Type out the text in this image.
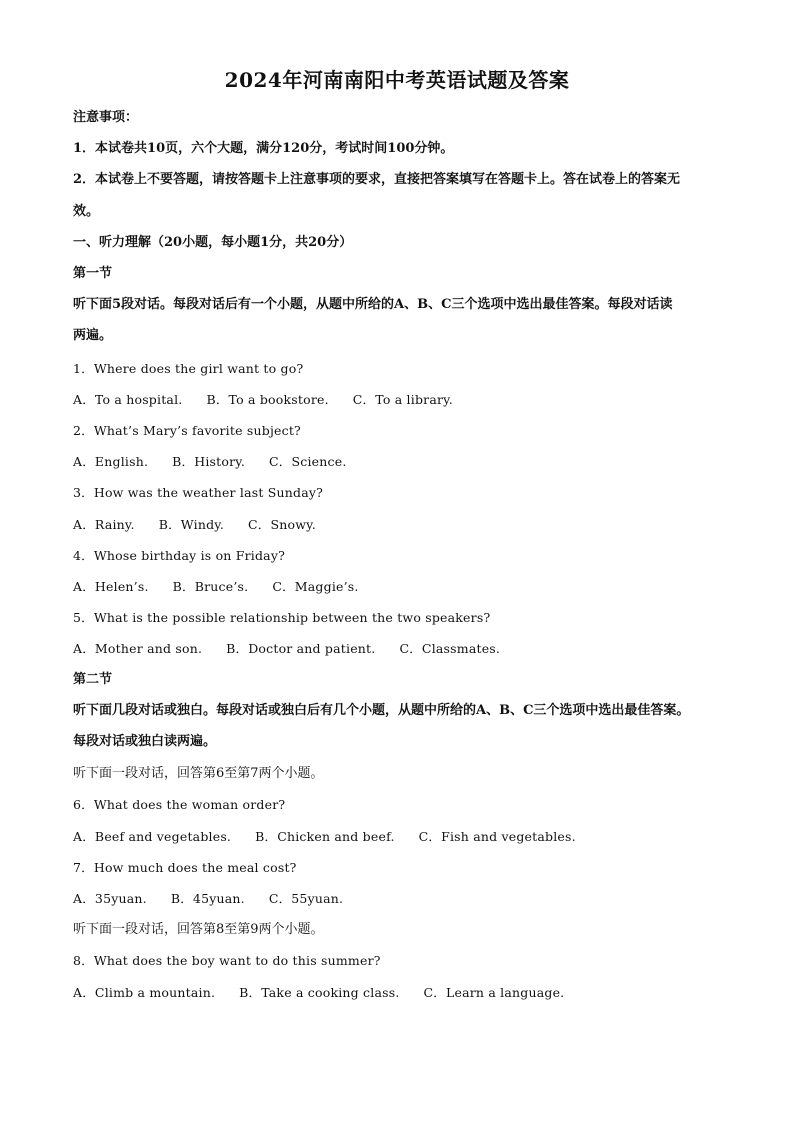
2024年河南南阳中考英语试题及答案
注意事项：
1．本试卷共10页，六个大题，满分120分，考试时间100分钟。
2．本试卷上不要答题，请按答题卡上注意事项的要求，直接把答案填写在答题卡上。答在试卷上的答案无
效。
一、听力理解（20小题，每小题1分，共20分）
第一节
听下面5段对话。每段对话后有一个小题，从题中所给的A、B、C三个选项中选出最佳答案。每段对话读
两遍。
1．Where does the girl want to go?
A．To a hospital. B．To a bookstore. C．To a library.
2．What’s Mary’s favorite subject?
A．English. B．History. C．Science.
3．How was the weather last Sunday?
A．Rainy. B．Windy. C．Snowy.
4．Whose birthday is on Friday?
A．Helen’s. B．Bruce’s. C．Maggie’s.
5．What is the possible relationship between the two speakers?
A．Mother and son. B．Doctor and patient. C．Classmates.
第二节
听下面几段对话或独白。每段对话或独白后有几个小题，从题中所给的A、B、C三个选项中选出最佳答案。
每段对话或独白读两遍。
听下面一段对话，回答第6至第7两个小题。
6．What does the woman order?
A．Beef and vegetables. B．Chicken and beef. C．Fish and vegetables.
7．How much does the meal cost?
A．35yuan. B．45yuan. C．55yuan.
听下面一段对话，回答第8至第9两个小题。
8．What does the boy want to do this summer?
A．Climb a mountain. B．Take a cooking class. C．Learn a language.
